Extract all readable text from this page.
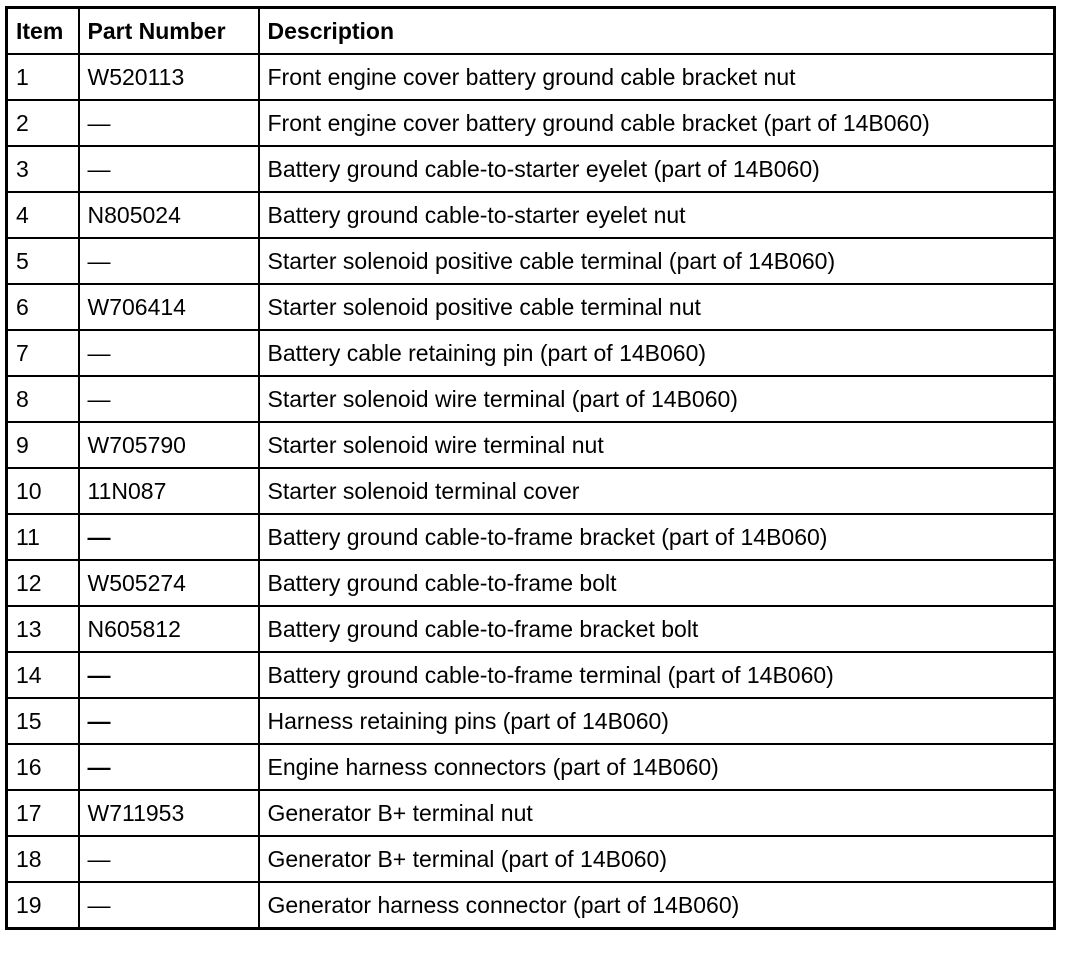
Item	Part Number	Description
1	W520113	Front engine cover battery ground cable bracket nut
2	—	Front engine cover battery ground cable bracket (part of 14B060)
3	—	Battery ground cable-to-starter eyelet (part of 14B060)
4	N805024	Battery ground cable-to-starter eyelet nut
5	—	Starter solenoid positive cable terminal (part of 14B060)
6	W706414	Starter solenoid positive cable terminal nut
7	—	Battery cable retaining pin (part of 14B060)
8	—	Starter solenoid wire terminal (part of 14B060)
9	W705790	Starter solenoid wire terminal nut
10	11N087	Starter solenoid terminal cover
11	—	Battery ground cable-to-frame bracket (part of 14B060)
12	W505274	Battery ground cable-to-frame bolt
13	N605812	Battery ground cable-to-frame bracket bolt
14	—	Battery ground cable-to-frame terminal (part of 14B060)
15	—	Harness retaining pins (part of 14B060)
16	—	Engine harness connectors (part of 14B060)
17	W711953	Generator B+ terminal nut
18	—	Generator B+ terminal (part of 14B060)
19	—	Generator harness connector (part of 14B060)
